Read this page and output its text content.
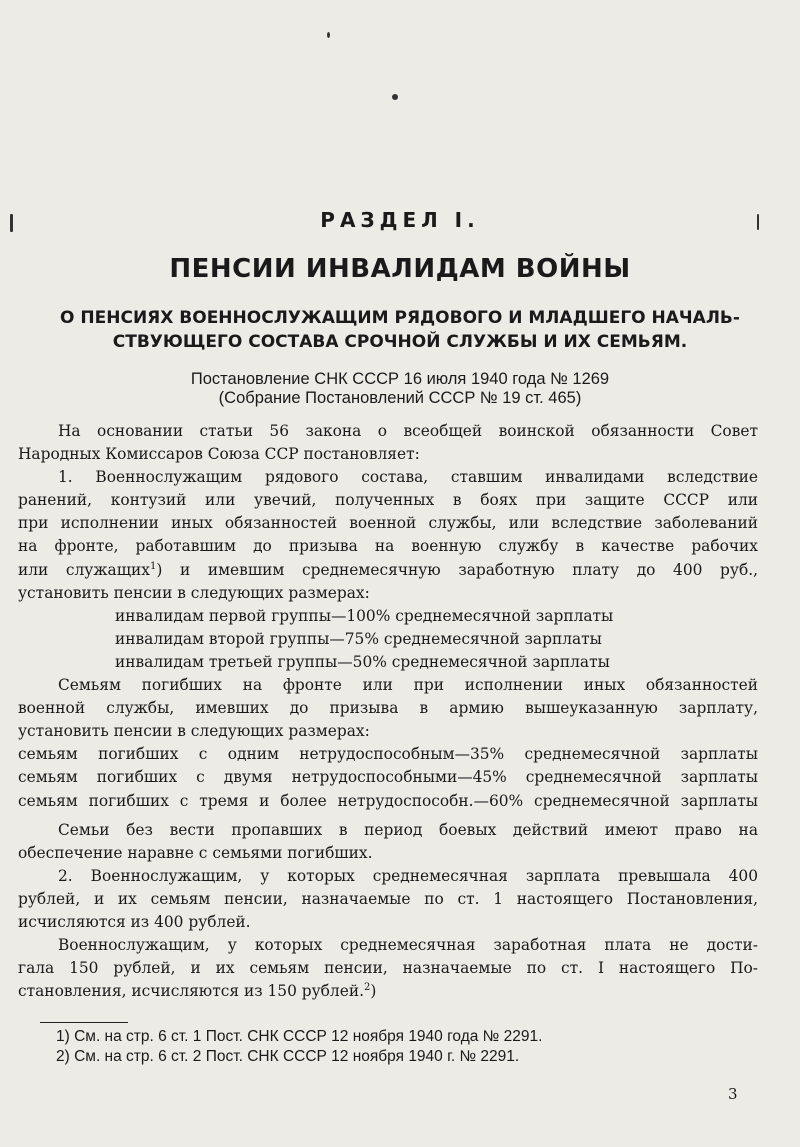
РАЗДЕЛ I.
ПЕНСИИ ИНВАЛИДАМ ВОЙНЫ
О ПЕНСИЯХ ВОЕННОСЛУЖАЩИМ РЯДОВОГО И МЛАДШЕГО НАЧАЛЬ-
СТВУЮЩЕГО СОСТАВА СРОЧНОЙ СЛУЖБЫ И ИХ СЕМЬЯМ.
Постановление СНК СССР 16 июля 1940 года № 1269
(Собрание Постановлений СССР № 19 ст. 465)

На основании статьи 56 закона о всеобщей воинской обязанности Совет
Народных Комиссаров Союза ССР постановляет:

1. Военнослужащим рядового состава, ставшим инвалидами вследствие
ранений, контузий или увечий, полученных в боях при защите СССР или
при исполнении иных обязанностей военной службы, или вследствие заболеваний
на фронте, работавшим до призыва на военную службу в качестве рабочих
или служащих$^1$) и имевшим среднемесячную заработную плату до 400 руб.,
установить пенсии в следующих размерах:

инвалидам первой группы—100% среднемесячной зарплаты
инвалидам второй группы—75% среднемесячной зарплаты
инвалидам третьей группы—50% среднемесячной зарплаты

Семьям погибших на фронте или при исполнении иных обязанностей
военной службы, имевших до призыва в армию вышеуказанную зарплату,
установить пенсии в следующих размерах:

семьям погибших с одним нетрудоспособным—35% среднемесячной зарплаты
семьям погибших с двумя нетрудоспособными—45% среднемесячной зарплаты
семьям погибших с тремя и более нетрудоспособн.—60% среднемесячной зарплаты

Семьи без вести пропавших в период боевых действий имеют право на
обеспечение наравне с семьями погибших.

2. Военнослужащим, у которых среднемесячная зарплата превышала 400
рублей, и их семьям пенсии, назначаемые по ст. 1 настоящего Постановления,
исчисляются из 400 рублей.

Военнослужащим, у которых среднемесячная заработная плата не дости-
гала 150 рублей, и их семьям пенсии, назначаемые по ст. I настоящего По-
становления, исчисляются из 150 рублей.$^2$)

1) См. на стр. 6 ст. 1 Пост. СНК СССР 12 ноября 1940 года № 2291.
2) См. на стр. 6 ст. 2 Пост. СНК СССР 12 ноября 1940 г. № 2291.
3
